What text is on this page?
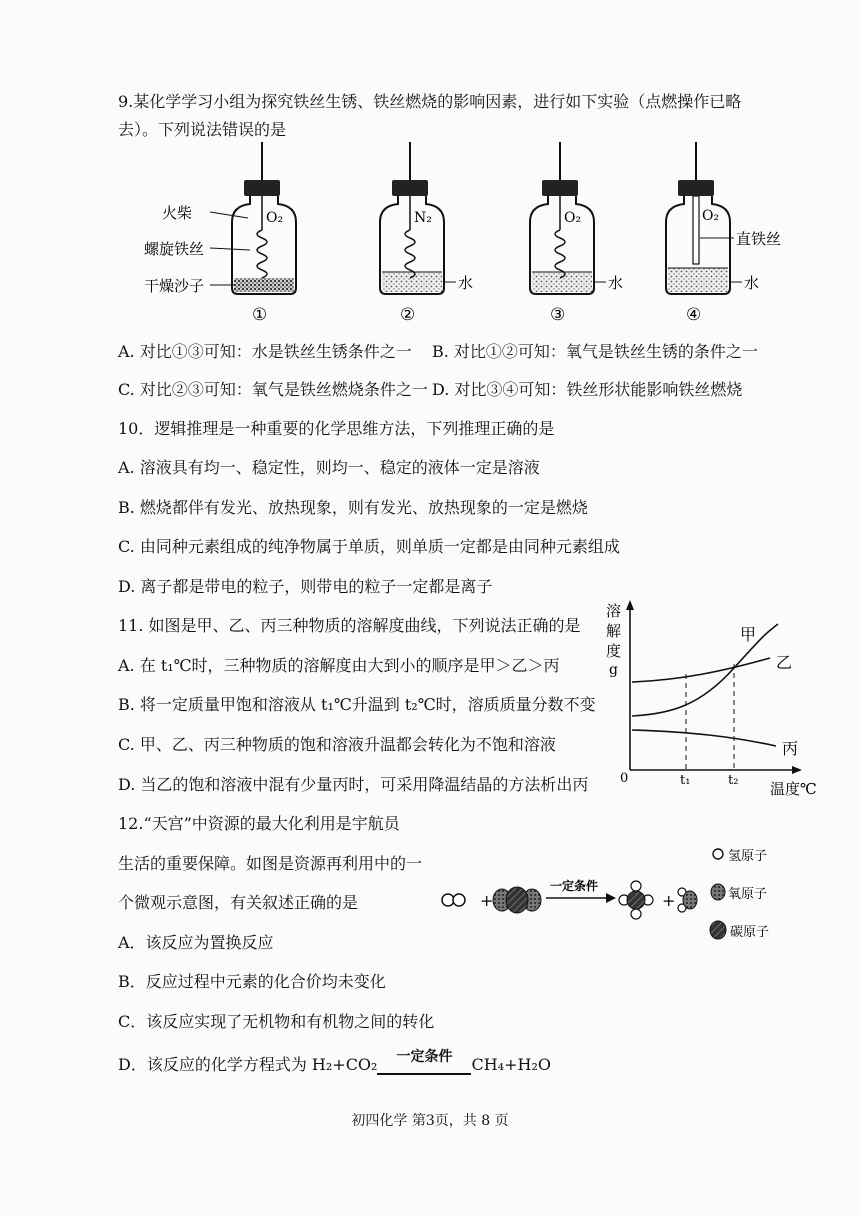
9.某化学学习小组为探究铁丝生锈、铁丝燃烧的影响因素，进行如下实验（点燃操作已略
去）。下列说法错误的是
O₂
火柴
螺旋铁丝
干燥沙子
①
N₂
水
②
O₂
水
③
O₂
直铁丝
水
④
A. 对比①③可知：水是铁丝生锈条件之一 B. 对比①②可知：氧气是铁丝生锈的条件之一
C. 对比②③可知：氧气是铁丝燃烧条件之一 D. 对比③④可知：铁丝形状能影响铁丝燃烧
10．逻辑推理是一种重要的化学思维方法，下列推理正确的是
A. 溶液具有均一、稳定性，则均一、稳定的液体一定是溶液
B. 燃烧都伴有发光、放热现象，则有发光、放热现象的一定是燃烧
C. 由同种元素组成的纯净物属于单质，则单质一定都是由同种元素组成
D. 离子都是带电的粒子，则带电的粒子一定都是离子
11. 如图是甲、乙、丙三种物质的溶解度曲线，下列说法正确的是
A. 在 t₁℃时，三种物质的溶解度由大到小的顺序是甲＞乙＞丙
B. 将一定质量甲饱和溶液从 t₁℃升温到 t₂℃时，溶质质量分数不变
C. 甲、乙、丙三种物质的饱和溶液升温都会转化为不饱和溶液
D. 当乙的饱和溶液中混有少量丙时，可采用降温结晶的方法析出丙
溶
解
度
g
0	t₁	t₂ 温度℃
甲
乙
丙
12.“天宫”中资源的最大化利用是宇航员
生活的重要保障。如图是资源再利用中的一
个微观示意图，有关叙述正确的是
A．该反应为置换反应
B．反应过程中元素的化合价均未变化
C．该反应实现了无机物和有机物之间的转化
D．该反应的化学方程式为 H₂+CO₂	一定条件	CH₄+H₂O
+
一定条件
+
氢原子
氧原子
碳原子
初四化学 第3页，共 8 页
